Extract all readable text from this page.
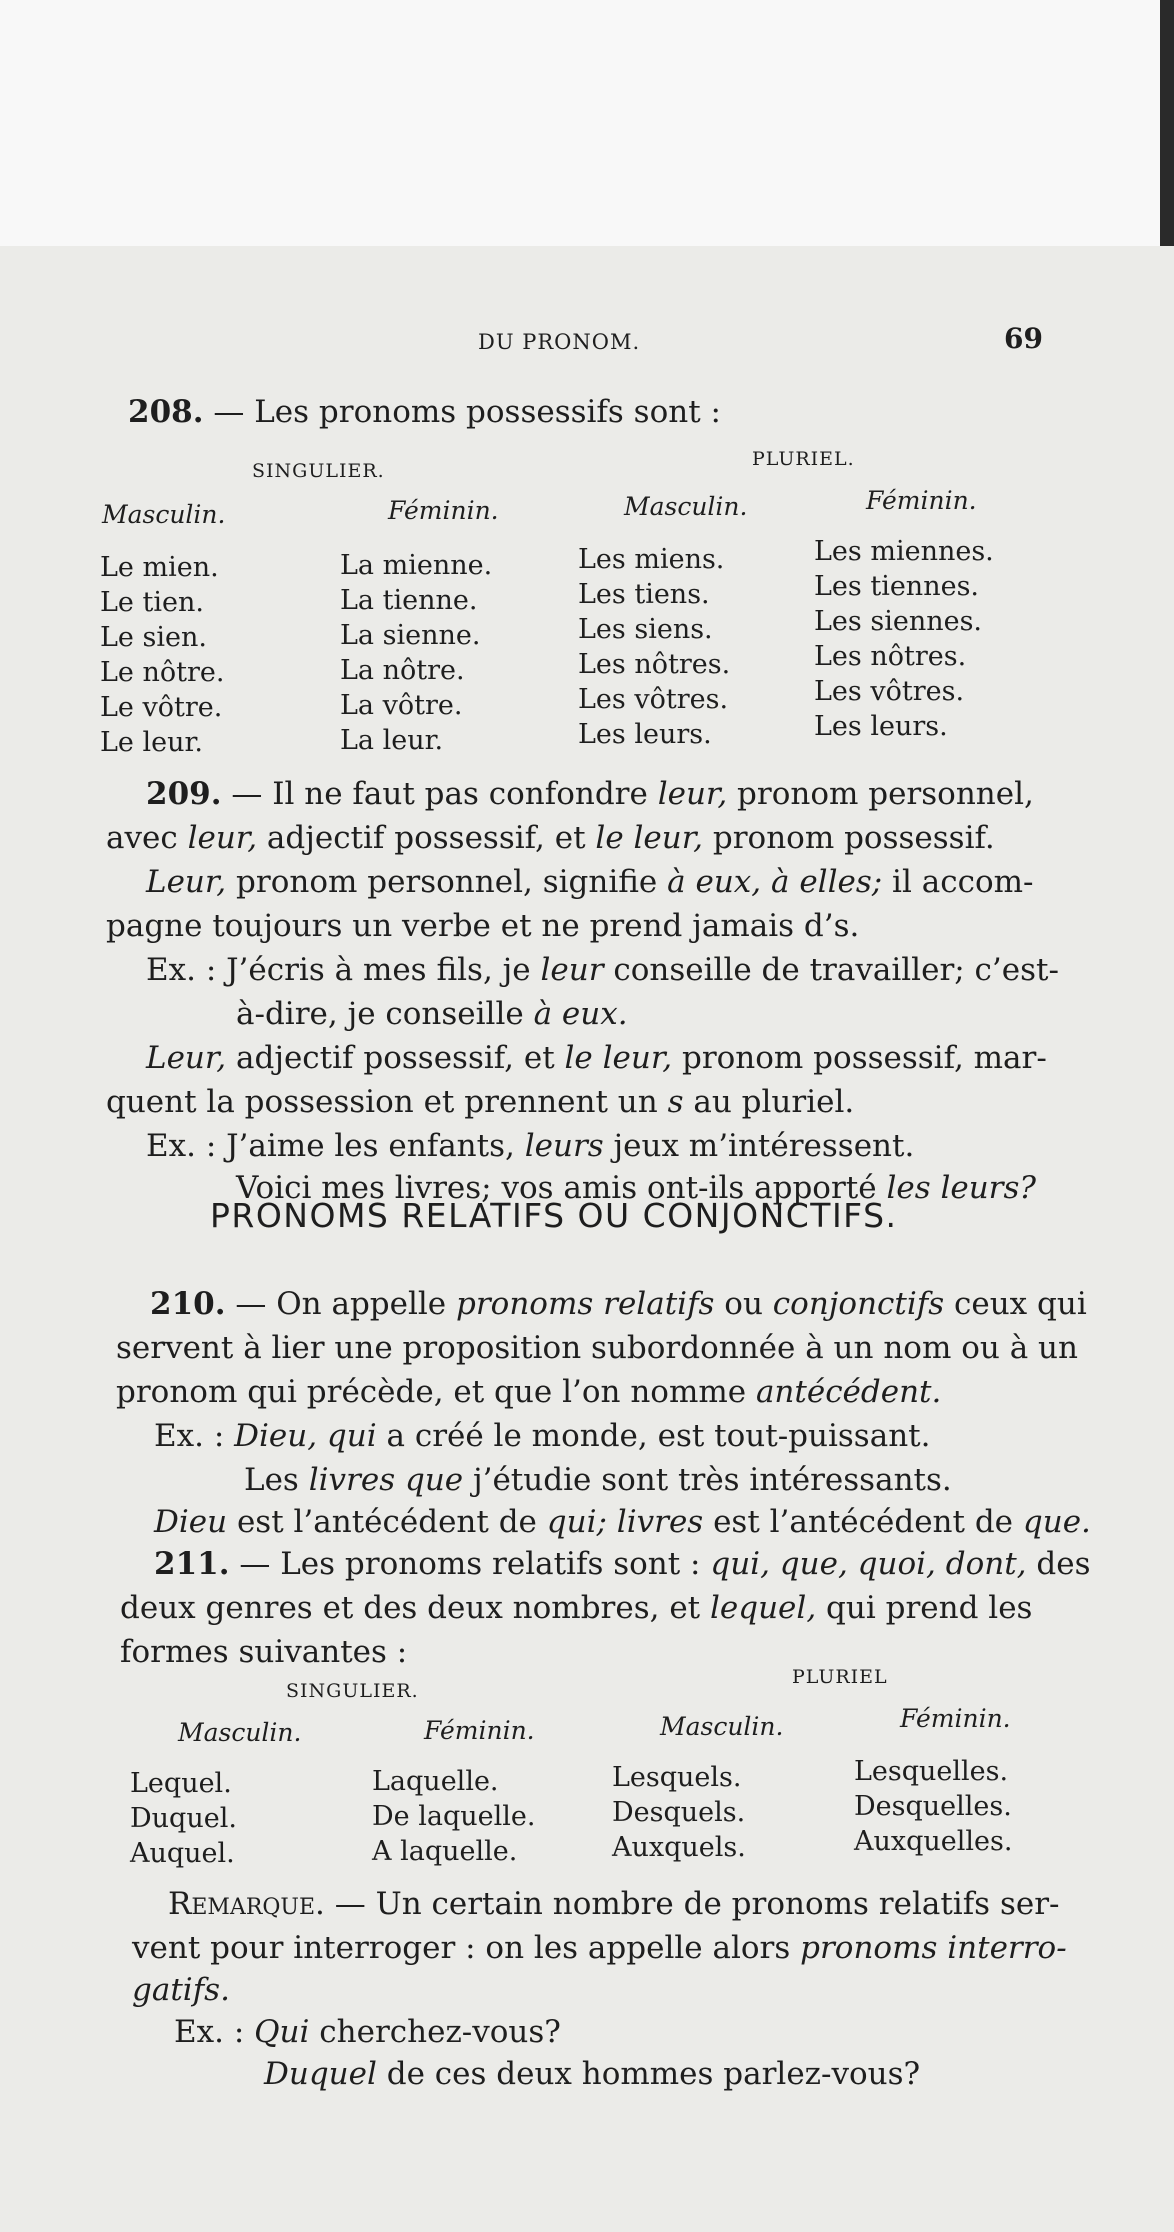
DU PRONOM.	69
208. — Les pronoms possessifs sont :
SINGULIER.
PLURIEL.
Masculin.	Féminin.	Masculin.	Féminin.
Le mien.	La mienne.	Les miens.	Les miennes.
Le tien.	La tienne.	Les tiens.	Les tiennes.
Le sien.	La sienne.	Les siens.	Les siennes.
Le nôtre.	La nôtre.	Les nôtres.	Les nôtres.
Le vôtre.	La vôtre.	Les vôtres.	Les vôtres.
Le leur.	La leur.	Les leurs.	Les leurs.
209. — Il ne faut pas confondre leur, pronom personnel,
avec leur, adjectif possessif, et le leur, pronom possessif.
Leur, pronom personnel, signifie à eux, à elles; il accom-
pagne toujours un verbe et ne prend jamais d’s.
Ex. : J’écris à mes fils, je leur conseille de travailler; c’est-
à-dire, je conseille à eux.
Leur, adjectif possessif, et le leur, pronom possessif, mar-
quent la possession et prennent un s au pluriel.
Ex. : J’aime les enfants, leurs jeux m’intéressent.
Voici mes livres; vos amis ont-ils apporté les leurs?
PRONOMS RELATIFS OU CONJONCTIFS.
210. — On appelle pronoms relatifs ou conjonctifs ceux qui
servent à lier une proposition subordonnée à un nom ou à un
pronom qui précède, et que l’on nomme antécédent.
Ex. : Dieu, qui a créé le monde, est tout-puissant.
Les livres que j’étudie sont très intéressants.
Dieu est l’antécédent de qui; livres est l’antécédent de que.
211. — Les pronoms relatifs sont : qui, que, quoi, dont, des
deux genres et des deux nombres, et lequel, qui prend les
formes suivantes :
SINGULIER.
PLURIEL
Masculin.	Féminin.	Masculin.	Féminin.
Lequel.	Laquelle.	Lesquels.	Lesquelles.
Duquel.	De laquelle.	Desquels.	Desquelles.
Auquel.	A laquelle.	Auxquels.	Auxquelles.
Remarque. — Un certain nombre de pronoms relatifs ser-
vent pour interroger : on les appelle alors pronoms interro-
gatifs.
Ex. : Qui cherchez-vous?
Duquel de ces deux hommes parlez-vous?
